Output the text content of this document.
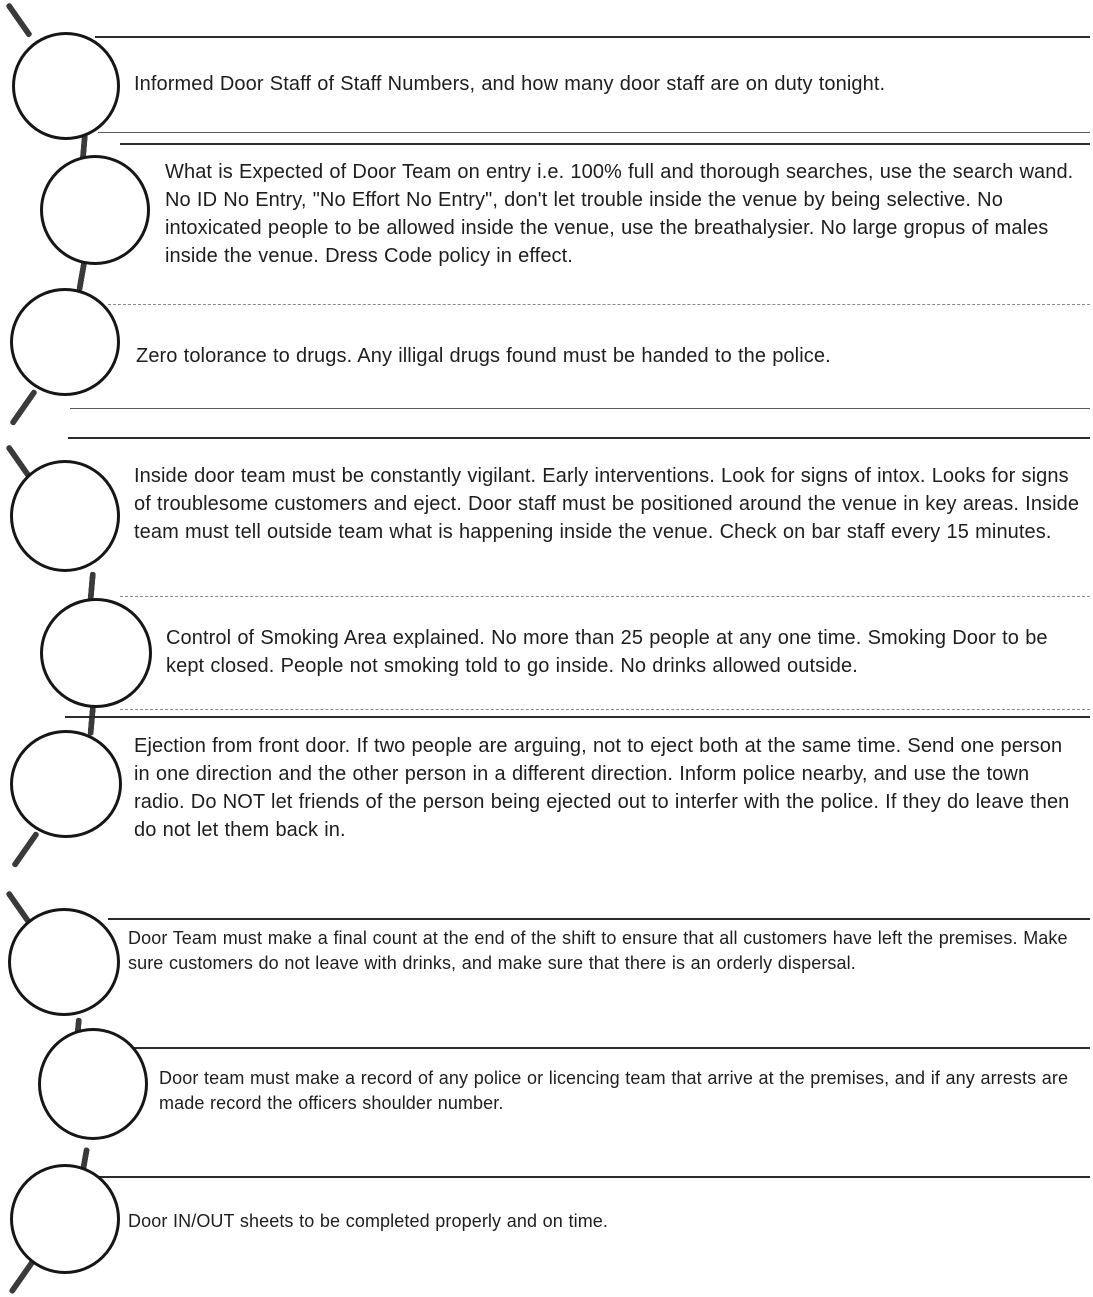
Informed Door Staff of Staff Numbers, and how many door staff are on duty tonight.

What is Expected of Door Team on entry i.e. 100% full and thorough searches, use the search wand. No ID No Entry, "No Effort No Entry", don't let trouble inside the venue by being selective. No intoxicated people to be allowed inside the venue, use the breathalysier. No large gropus of males inside the venue. Dress Code policy in effect.

Zero tolorance to drugs. Any illigal drugs found must be handed to the police.

Inside door team must be constantly vigilant. Early interventions. Look for signs of intox. Looks for signs of troublesome customers and eject. Door staff must be positioned around the venue in key areas. Inside team must tell outside team what is happening inside the venue. Check on bar staff every 15 minutes.

Control of Smoking Area explained. No more than 25 people at any one time. Smoking Door to be kept closed. People not smoking told to go inside. No drinks allowed outside.

Ejection from front door. If two people are arguing, not to eject both at the same time. Send one person in one direction and the other person in a different direction. Inform police nearby, and use the town radio. Do NOT let friends of the person being ejected out to interfer with the police. If they do leave then do not let them back in.

Door Team must make a final count at the end of the shift to ensure that all customers have left the premises. Make sure customers do not leave with drinks, and make sure that there is an orderly dispersal.

Door team must make a record of any police or licencing team that arrive at the premises, and if any arrests are made record the officers shoulder number.

Door IN/OUT sheets to be completed properly and on time.
